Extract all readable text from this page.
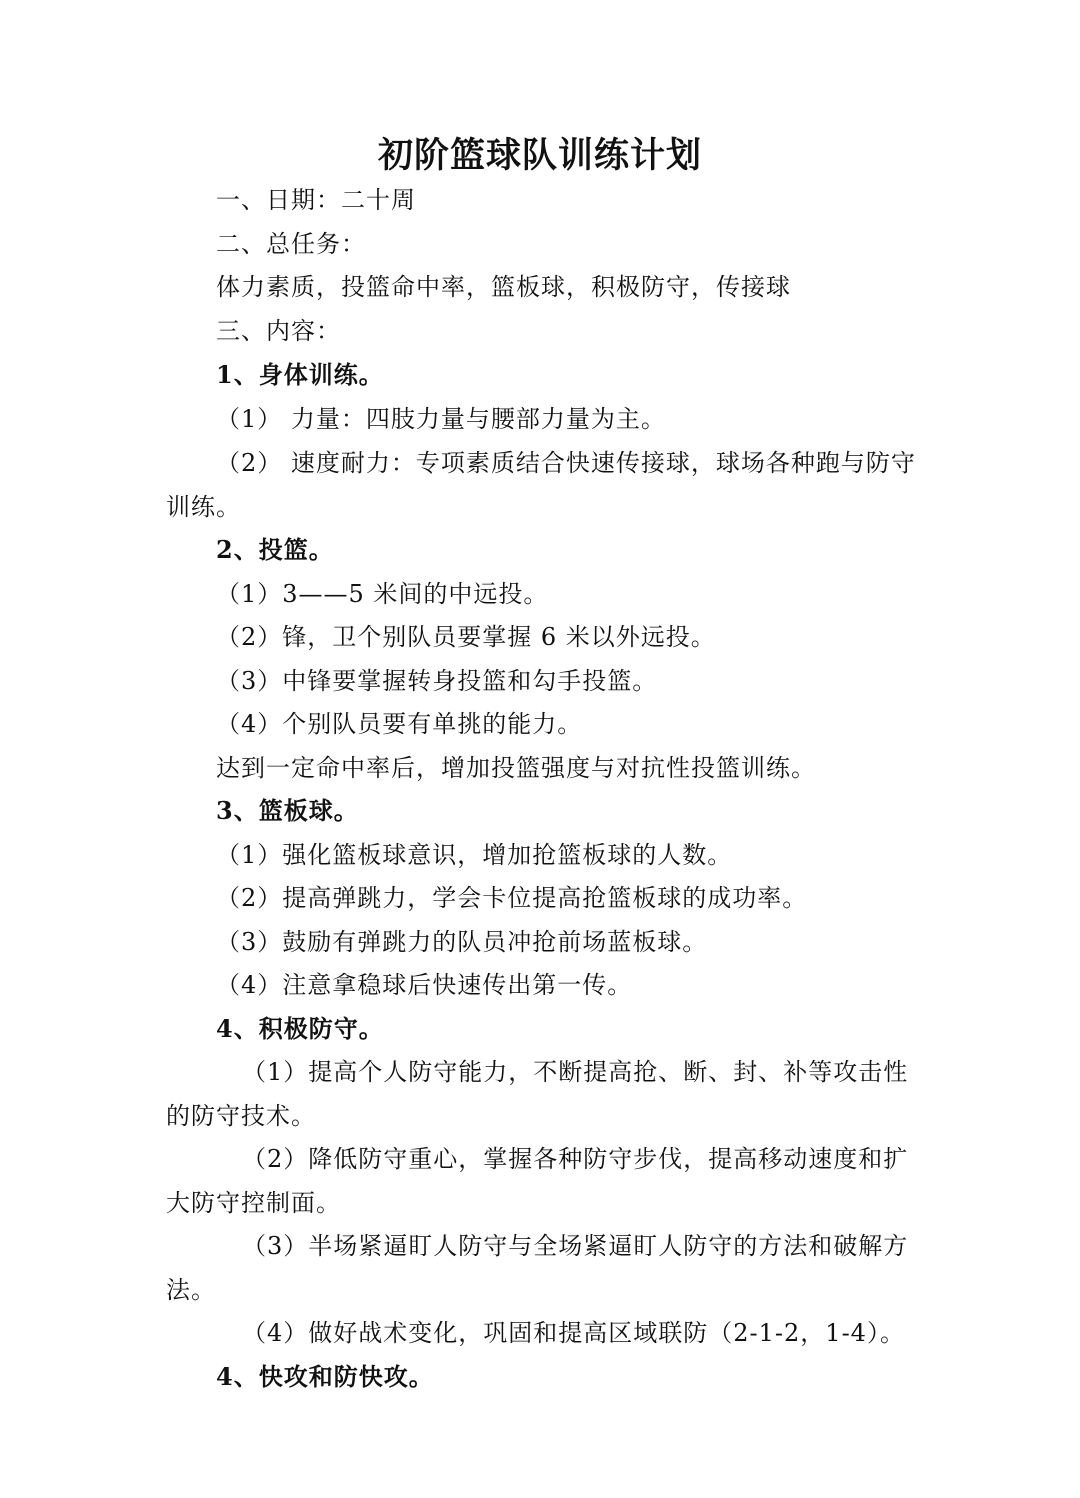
初阶篮球队训练计划
一、日期：二十周
二、总任务：
体力素质，投篮命中率，篮板球，积极防守，传接球
三、内容：
1、身体训练。
（1） 力量：四肢力量与腰部力量为主。
（2） 速度耐力：专项素质结合快速传接球，球场各种跑与防守
训练。
2、投篮。
（1）3——5 米间的中远投。
（2）锋，卫个别队员要掌握 6 米以外远投。
（3）中锋要掌握转身投篮和勾手投篮。
（4）个别队员要有单挑的能力。
达到一定命中率后，增加投篮强度与对抗性投篮训练。
3、篮板球。
（1）强化篮板球意识，增加抢篮板球的人数。
（2）提高弹跳力，学会卡位提高抢篮板球的成功率。
（3）鼓励有弹跳力的队员冲抢前场蓝板球。
（4）注意拿稳球后快速传出第一传。
4、积极防守。
（1）提高个人防守能力，不断提高抢、断、封、补等攻击性
的防守技术。
（2）降低防守重心，掌握各种防守步伐，提高移动速度和扩
大防守控制面。
（3）半场紧逼盯人防守与全场紧逼盯人防守的方法和破解方
法。
（4）做好战术变化，巩固和提高区域联防（2-1-2，1-4）。
4、快攻和防快攻。
